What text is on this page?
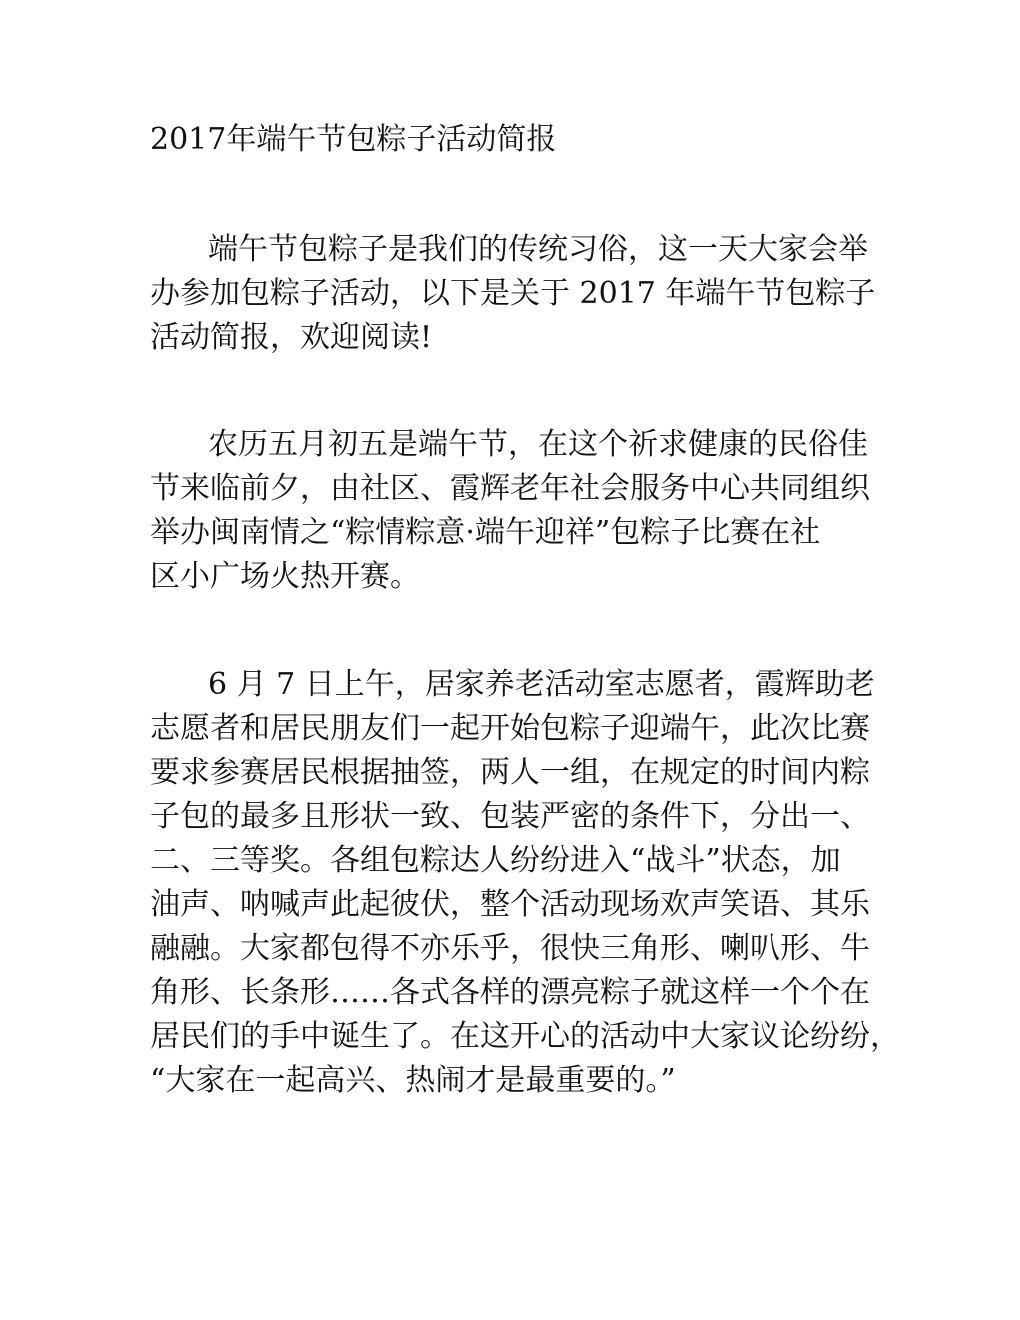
2017年端午节包粽子活动简报
端午节包粽子是我们的传统习俗，这一天大家会举
办参加包粽子活动，以下是关于 2017 年端午节包粽子
活动简报，欢迎阅读!
农历五月初五是端午节，在这个祈求健康的民俗佳
节来临前夕，由社区、霞辉老年社会服务中心共同组织
举办闽南情之“粽情粽意·端午迎祥”包粽子比赛在社
区小广场火热开赛。
6 月 7 日上午，居家养老活动室志愿者，霞辉助老
志愿者和居民朋友们一起开始包粽子迎端午，此次比赛
要求参赛居民根据抽签，两人一组，在规定的时间内粽
子包的最多且形状一致、包装严密的条件下，分出一、
二、三等奖。各组包粽达人纷纷进入“战斗”状态，加
油声、呐喊声此起彼伏，整个活动现场欢声笑语、其乐
融融。大家都包得不亦乐乎，很快三角形、喇叭形、牛
角形、长条形……各式各样的漂亮粽子就这样一个个在
居民们的手中诞生了。在这开心的活动中大家议论纷纷，
“大家在一起高兴、热闹才是最重要的。”
